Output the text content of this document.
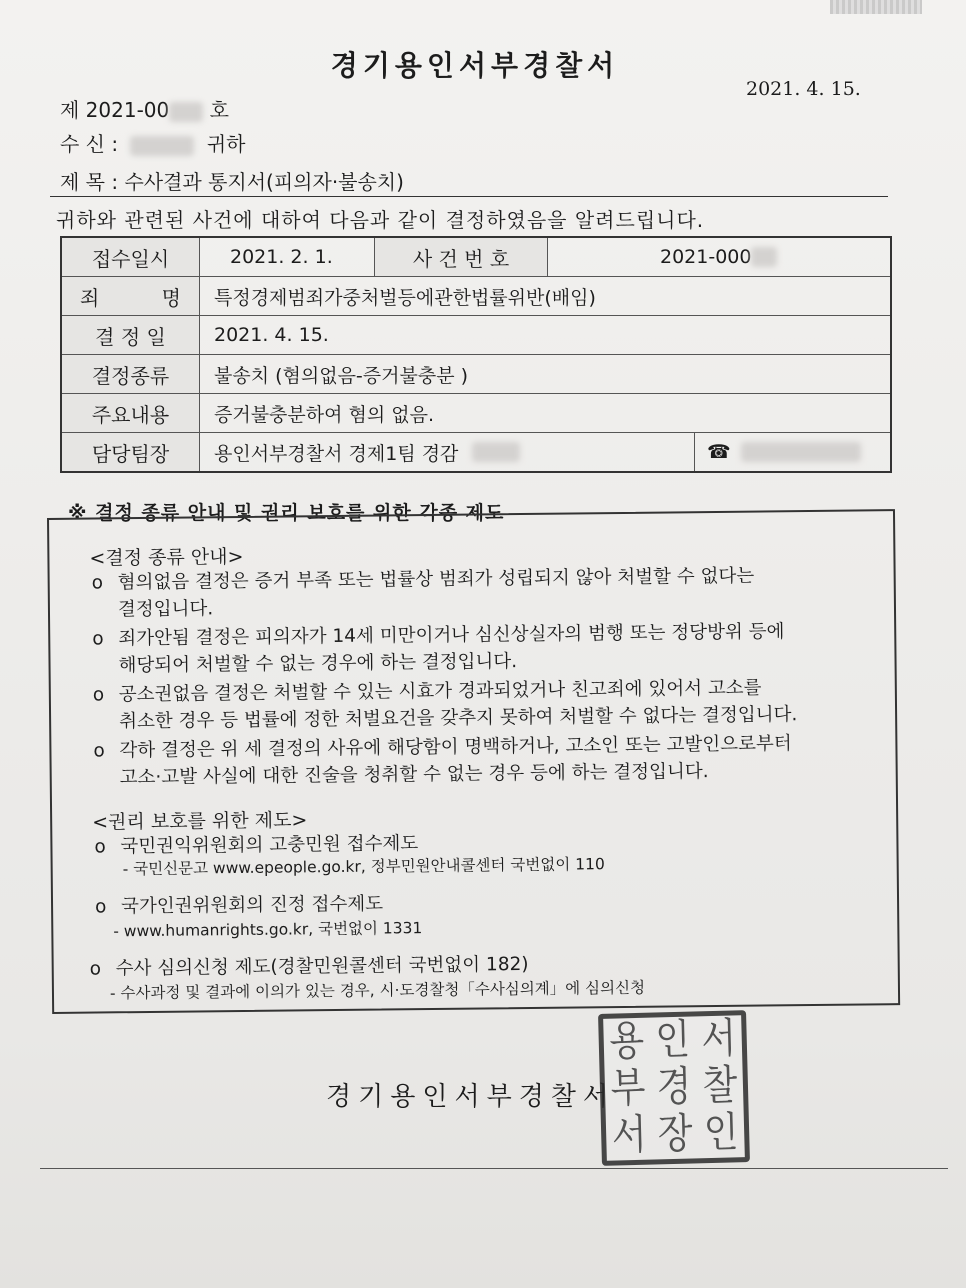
경기용인서부경찰서
2021. 4. 15.
제 2021-00 호
수 신 :	귀하
제 목 : 수사결과 통지서(피의자·불송치)
귀하와 관련된 사건에 대하여 다음과 같이 결정하였음을 알려드립니다.
접수일시	2021. 2. 1.	사 건 번 호	2021-000
죄	명	특정경제범죄가중처벌등에관한법률위반(배임)
결 정 일	2021. 4. 15.
결정종류	불송치 (혐의없음-증거불충분 )
주요내용	증거불충분하여 혐의 없음.
담당팀장	용인서부경찰서 경제1팀 경감	☎
※ 결정 종류 안내 및 권리 보호를 위한 각종 제도
<결정 종류 안내>
o 혐의없음 결정은 증거 부족 또는 법률상 범죄가 성립되지 않아 처벌할 수 없다는
결정입니다.
o 죄가안됨 결정은 피의자가 14세 미만이거나 심신상실자의 범행 또는 정당방위 등에
해당되어 처벌할 수 없는 경우에 하는 결정입니다.
o 공소권없음 결정은 처벌할 수 있는 시효가 경과되었거나 친고죄에 있어서 고소를
취소한 경우 등 법률에 정한 처벌요건을 갖추지 못하여 처벌할 수 없다는 결정입니다.
o 각하 결정은 위 세 결정의 사유에 해당함이 명백하거나, 고소인 또는 고발인으로부터
고소·고발 사실에 대한 진술을 청취할 수 없는 경우 등에 하는 결정입니다.
<권리 보호를 위한 제도>
o 국민권익위원회의 고충민원 접수제도
- 국민신문고 www.epeople.go.kr, 정부민원안내콜센터 국번없이 110
o 국가인권위원회의 진정 접수제도
- www.humanrights.go.kr, 국번없이 1331
o 수사 심의신청 제도(경찰민원콜센터 국번없이 182)
- 수사과정 및 결과에 이의가 있는 경우, 시·도경찰청「수사심의계」에 심의신청
경기용인서부경찰서
용 인 서
부 경 찰
서 장 인
